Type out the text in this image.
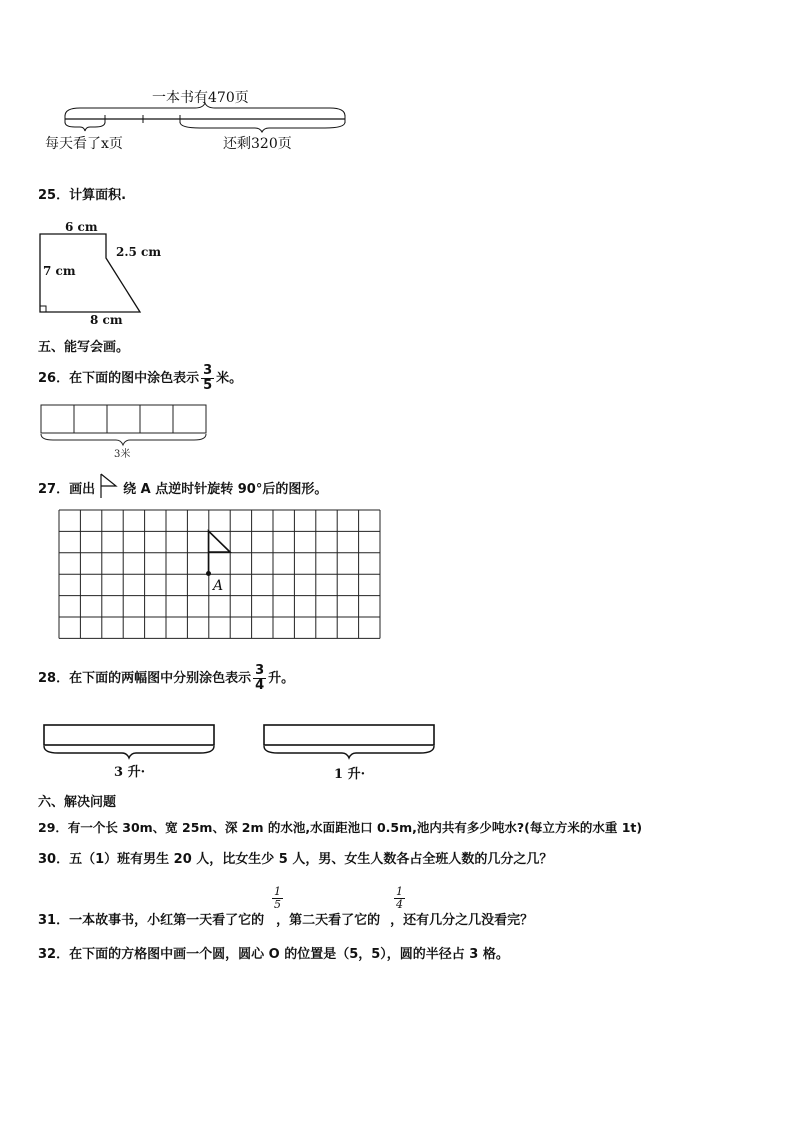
一本书有470页
每天看了x页	还剩320页
25．计算面积.
6 cm
2.5 cm
7 cm
8 cm
五、能写会画。
26．在下面的图中涂色表示 $\frac{3}{5}$ 米。
3米
27．画出 绕 A 点逆时针旋转 90°后的图形。
A
28．在下面的两幅图中分别涂色表示 $\frac{3}{4}$ 升。
3 升·	1 升·
六、解决问题
29．有一个长 30m、宽 25m、深 2m 的水池,水面距池口 0.5m,池内共有多少吨水?(每立方米的水重 1t)
30．五（1）班有男生 20 人，比女生少 5 人，男、女生人数各占全班人数的几分之几？
$\frac{1}{5}$	$\frac{1}{4}$
31．一本故事书，小红第一天看了它的 ，第二天看了它的 ，还有几分之几没看完？
32．在下面的方格图中画一个圆，圆心 O 的位置是（5，5），圆的半径占 3 格。
